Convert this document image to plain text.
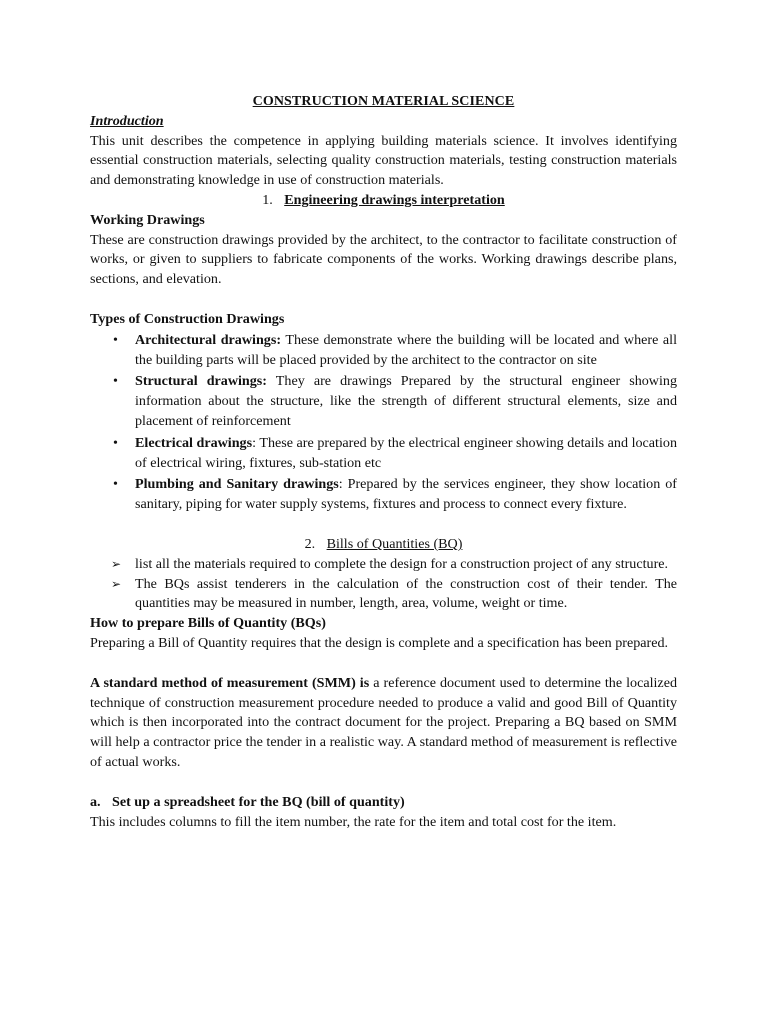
CONSTRUCTION MATERIAL SCIENCE

Introduction

This unit describes the competence in applying building materials science. It involves identifying essential construction materials, selecting quality construction materials, testing construction materials and demonstrating knowledge in use of construction materials.

1. Engineering drawings interpretation

Working Drawings

These are construction drawings provided by the architect, to the contractor to facilitate construction of works, or given to suppliers to fabricate components of the works. Working drawings describe plans, sections, and elevation.

Types of Construction Drawings

• Architectural drawings: These demonstrate where the building will be located and where all the building parts will be placed provided by the architect to the contractor on site
• Structural drawings: They are drawings Prepared by the structural engineer showing information about the structure, like the strength of different structural elements, size and placement of reinforcement
• Electrical drawings: These are prepared by the electrical engineer showing details and location of electrical wiring, fixtures, sub-station etc
• Plumbing and Sanitary drawings: Prepared by the services engineer, they show location of sanitary, piping for water supply systems, fixtures and process to connect every fixture.

2. Bills of Quantities (BQ)

➢ list all the materials required to complete the design for a construction project of any structure.
➢ The BQs assist tenderers in the calculation of the construction cost of their tender. The quantities may be measured in number, length, area, volume, weight or time.

How to prepare Bills of Quantity (BQs)

Preparing a Bill of Quantity requires that the design is complete and a specification has been prepared.

A standard method of measurement (SMM) is a reference document used to determine the localized technique of construction measurement procedure needed to produce a valid and good Bill of Quantity which is then incorporated into the contract document for the project. Preparing a BQ based on SMM will help a contractor price the tender in a realistic way. A standard method of measurement is reflective of actual works.

a. Set up a spreadsheet for the BQ (bill of quantity)

This includes columns to fill the item number, the rate for the item and total cost for the item.
